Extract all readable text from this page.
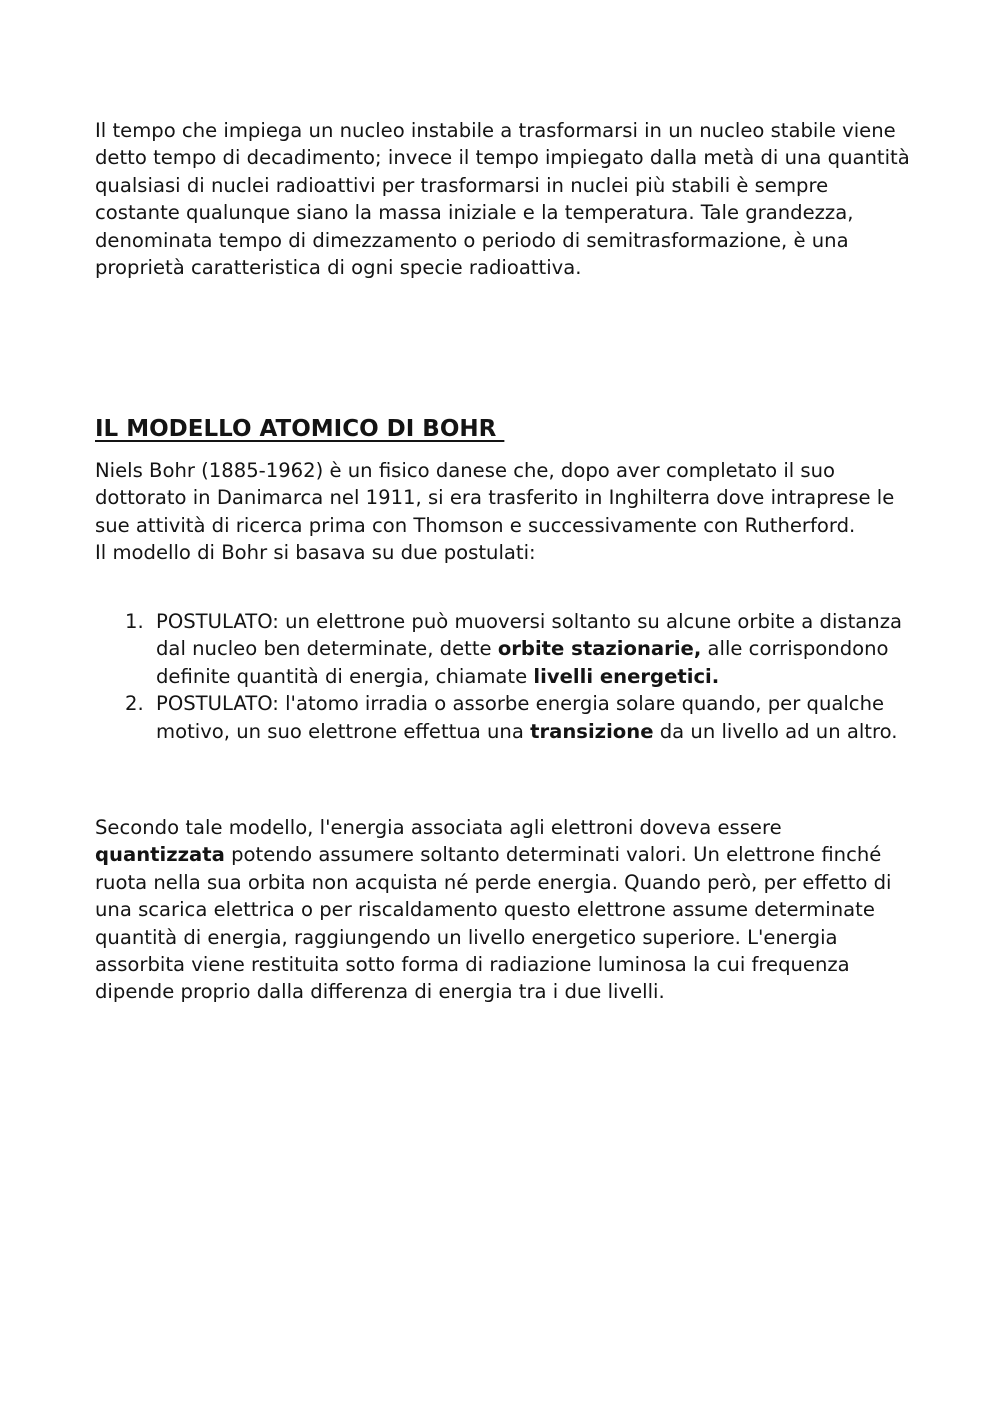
Il tempo che impiega un nucleo instabile a trasformarsi in un nucleo stabile viene detto tempo di decadimento; invece il tempo impiegato dalla metà di una quantità qualsiasi di nuclei radioattivi per trasformarsi in nuclei più stabili è sempre costante qualunque siano la massa iniziale e la temperatura. Tale grandezza, denominata tempo di dimezzamento o periodo di semitrasformazione, è una proprietà caratteristica di ogni specie radioattiva.

IL MODELLO ATOMICO DI BOHR

Niels Bohr (1885-1962) è un fisico danese che, dopo aver completato il suo dottorato in Danimarca nel 1911, si era trasferito in Inghilterra dove intraprese le sue attività di ricerca prima con Thomson e successivamente con Rutherford.
Il modello di Bohr si basava su due postulati:

1. POSTULATO: un elettrone può muoversi soltanto su alcune orbite a distanza dal nucleo ben determinate, dette orbite stazionarie, alle corrispondono definite quantità di energia, chiamate livelli energetici.
2. POSTULATO: l'atomo irradia o assorbe energia solare quando, per qualche motivo, un suo elettrone effettua una transizione da un livello ad un altro.

Secondo tale modello, l'energia associata agli elettroni doveva essere quantizzata potendo assumere soltanto determinati valori. Un elettrone finché ruota nella sua orbita non acquista né perde energia. Quando però, per effetto di una scarica elettrica o per riscaldamento questo elettrone assume determinate quantità di energia, raggiungendo un livello energetico superiore. L'energia assorbita viene restituita sotto forma di radiazione luminosa la cui frequenza dipende proprio dalla differenza di energia tra i due livelli.
